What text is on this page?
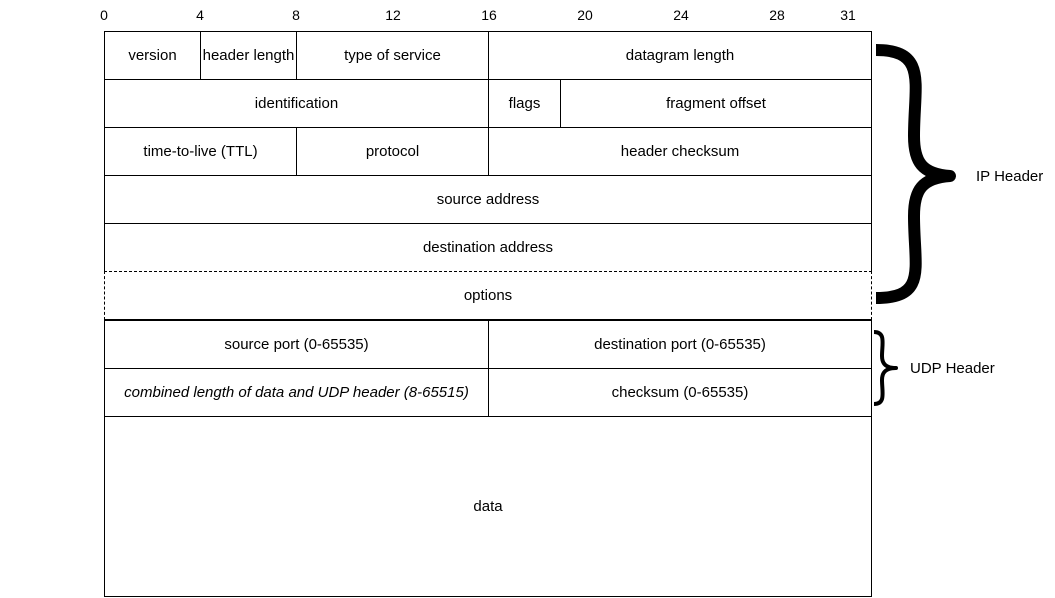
0	4	8	12	16	20	24	28	31
version	header length	type of service	datagram length
identification	flags	fragment offset
time-to-live (TTL)	protocol	header checksum
source address
destination address
options
source port (0-65535)	destination port (0-65535)
combined length of data and UDP header (8-65515)	checksum (0-65535)
data
IP Header
UDP Header
